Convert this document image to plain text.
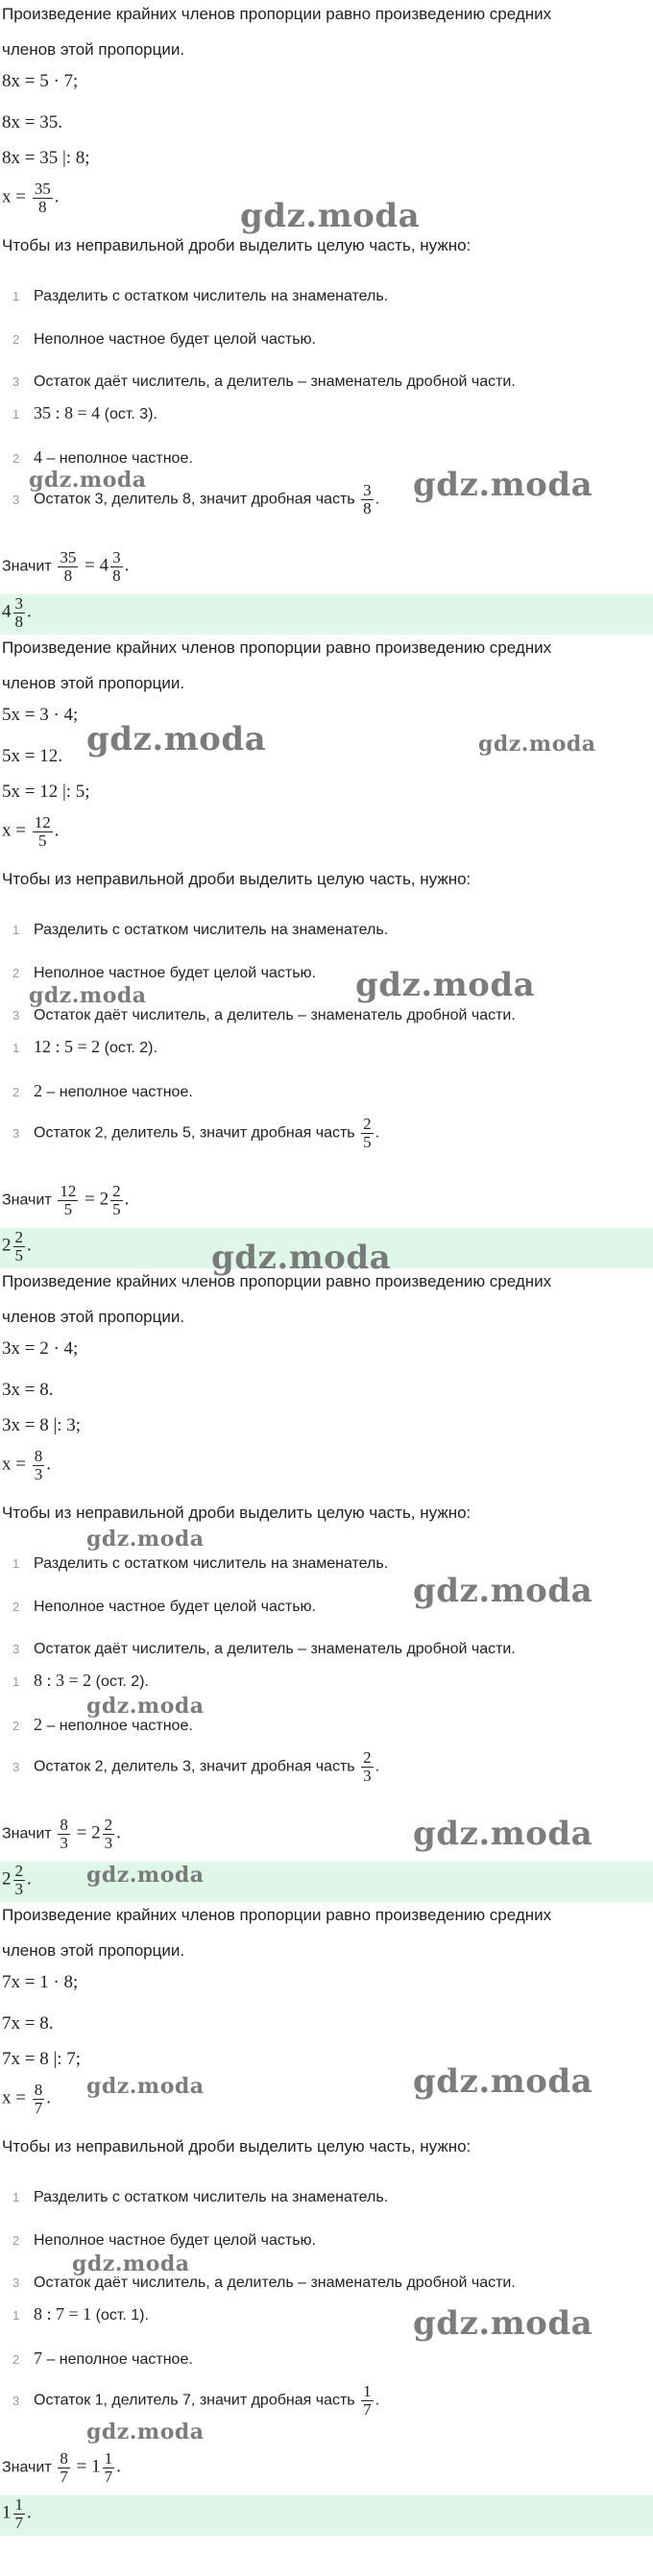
Произведение крайних членов пропорции равно произведению средних
членов этой пропорции.
8x = 5 · 7;
8x = 35.
8x = 35 |: 8;
$x = \frac{35}{8}$ .
Чтобы из неправильной дроби выделить целую часть, нужно:
1 Разделить с остатком числитель на знаменатель.
2 Неполное частное будет целой частью.
3 Остаток даёт числитель, а делитель – знаменатель дробной части.
1 35 : 8 = 4 (ост. 3).
2 4 – неполное частное.
3 Остаток 3, делитель 8, значит дробная часть $\frac{3}{8}$ .
Значит $\frac{35}{8} = 4 \frac{3}{8}$ .
$4 \frac{3}{8}$ .
Произведение крайних членов пропорции равно произведению средних
членов этой пропорции.
5x = 3 · 4;
5x = 12.
5x = 12 |: 5;
$x = \frac{12}{5}$ .
Чтобы из неправильной дроби выделить целую часть, нужно:
1 Разделить с остатком числитель на знаменатель.
2 Неполное частное будет целой частью.
3 Остаток даёт числитель, а делитель – знаменатель дробной части.
1 12 : 5 = 2 (ост. 2).
2 2 – неполное частное.
3 Остаток 2, делитель 5, значит дробная часть $\frac{2}{5}$ .
Значит $\frac{12}{5} = 2 \frac{2}{5}$ .
$2 \frac{2}{5}$ .
Произведение крайних членов пропорции равно произведению средних
членов этой пропорции.
3x = 2 · 4;
3x = 8.
3x = 8 |: 3;
$x = \frac{8}{3}$ .
Чтобы из неправильной дроби выделить целую часть, нужно:
1 Разделить с остатком числитель на знаменатель.
2 Неполное частное будет целой частью.
3 Остаток даёт числитель, а делитель – знаменатель дробной части.
1 8 : 3 = 2 (ост. 2).
2 2 – неполное частное.
3 Остаток 2, делитель 3, значит дробная часть $\frac{2}{3}$ .
Значит $\frac{8}{3} = 2 \frac{2}{3}$ .
$2 \frac{2}{3}$ .
Произведение крайних членов пропорции равно произведению средних
членов этой пропорции.
7x = 1 · 8;
7x = 8.
7x = 8 |: 7;
$x = \frac{8}{7}$ .
Чтобы из неправильной дроби выделить целую часть, нужно:
1 Разделить с остатком числитель на знаменатель.
2 Неполное частное будет целой частью.
3 Остаток даёт числитель, а делитель – знаменатель дробной части.
1 8 : 7 = 1 (ост. 1).
2 7 – неполное частное.
3 Остаток 1, делитель 7, значит дробная часть $\frac{1}{7}$ .
Значит $\frac{8}{7} = 1 \frac{1}{7}$ .
$1 \frac{1}{7}$ .
gdz.moda
gdz.moda	gdz.moda
gdz.moda	gdz.moda
gdz.moda	gdz.moda
gdz.moda
gdz.moda
gdz.moda
gdz.moda
gdz.moda
gdz.moda
gdz.moda	gdz.moda
gdz.moda
gdz.moda
gdz.moda
